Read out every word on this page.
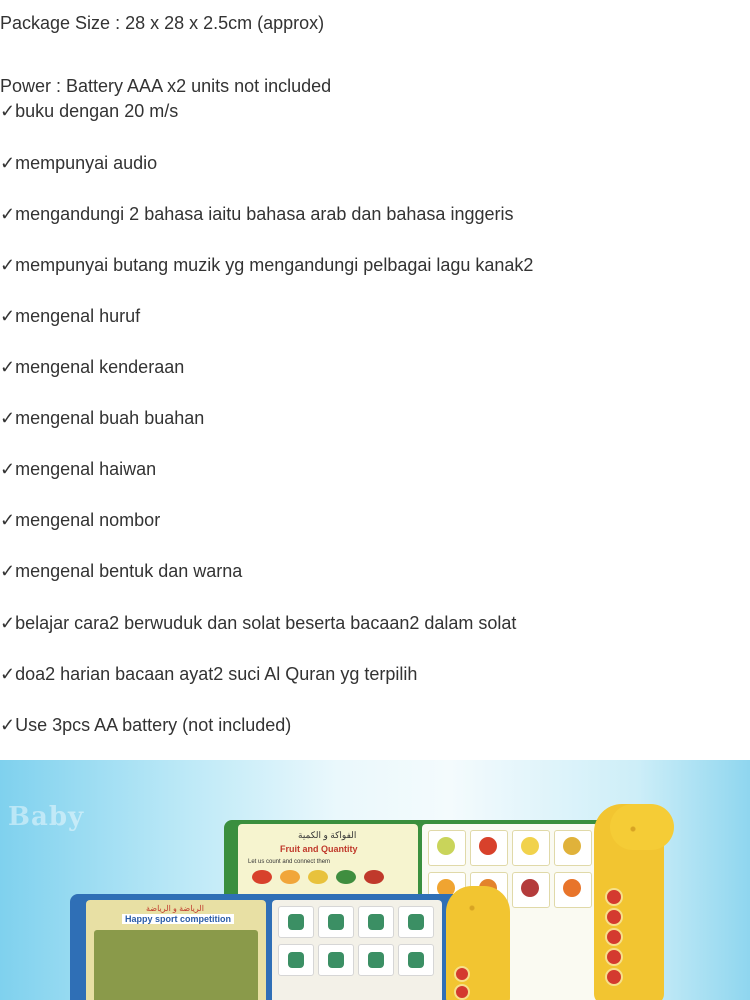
Package Size : 28 x 28 x 2.5cm (approx)
Power : Battery AAA x2 units not included
✓buku dengan 20 m/s
✓mempunyai audio
✓mengandungi 2 bahasa iaitu bahasa arab dan bahasa inggeris
✓mempunyai butang muzik yg mengandungi pelbagai lagu kanak2
✓mengenal huruf
✓mengenal kenderaan
✓mengenal buah buahan
✓mengenal haiwan
✓mengenal nombor
✓mengenal bentuk dan warna
✓belajar cara2 berwuduk dan solat beserta bacaan2 dalam solat
✓doa2 harian bacaan ayat2 suci Al Quran yg terpilih
✓Use 3pcs AA battery (not included)
Baby
الفواكة و الكمية
Fruit and Quantity
Let us count and connect them
الرياضة و الرياضة
Happy sport competition
